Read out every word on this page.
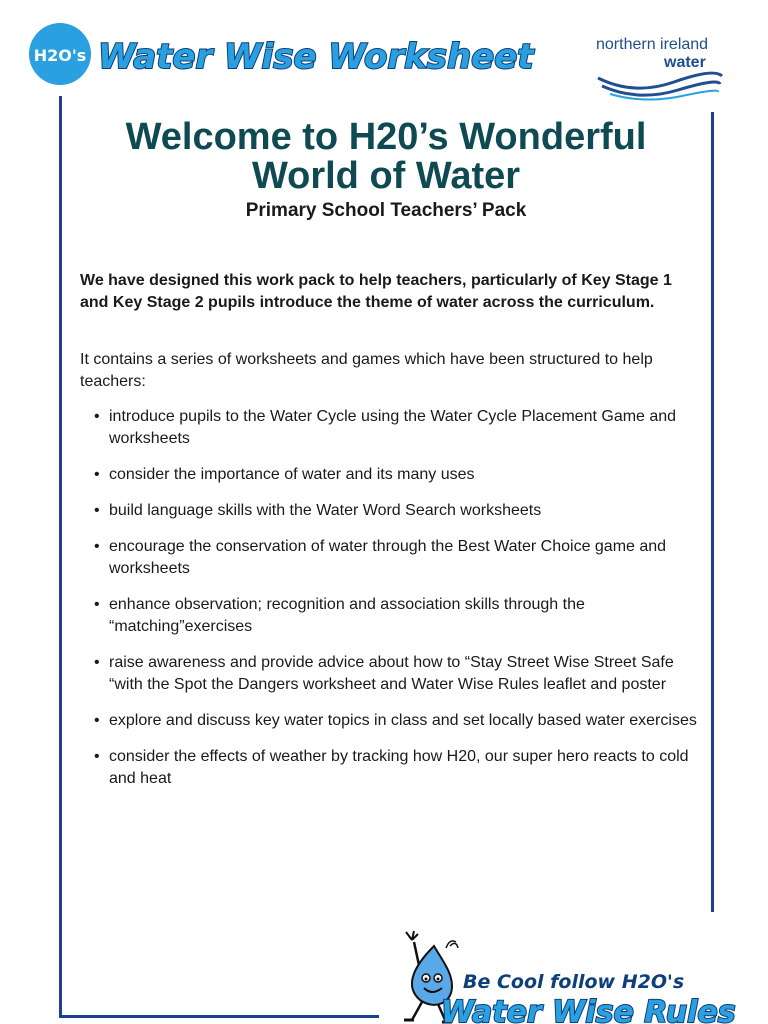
H2O's Water Wise Worksheet	northern ireland
water
Welcome to H20’s Wonderful
World of Water

Primary School Teachers’ Pack

We have designed this work pack to help teachers, particularly of Key Stage 1 and Key Stage 2 pupils introduce the theme of water across the curriculum.

It contains a series of worksheets and games which have been structured to help teachers:

• introduce pupils to the Water Cycle using the Water Cycle Placement Game and worksheets
• consider the importance of water and its many uses
• build language skills with the Water Word Search worksheets
• encourage the conservation of water through the Best Water Choice game and worksheets
• enhance observation; recognition and association skills through the “matching”exercises
• raise awareness and provide advice about how to “Stay Street Wise Street Safe “with the Spot the Dangers worksheet and Water Wise Rules leaflet and poster
• explore and discuss key water topics in class and set locally based water exercises
• consider the effects of weather by tracking how H20, our super hero reacts to cold and heat
Be Cool follow H2O's
Water Wise Rules
